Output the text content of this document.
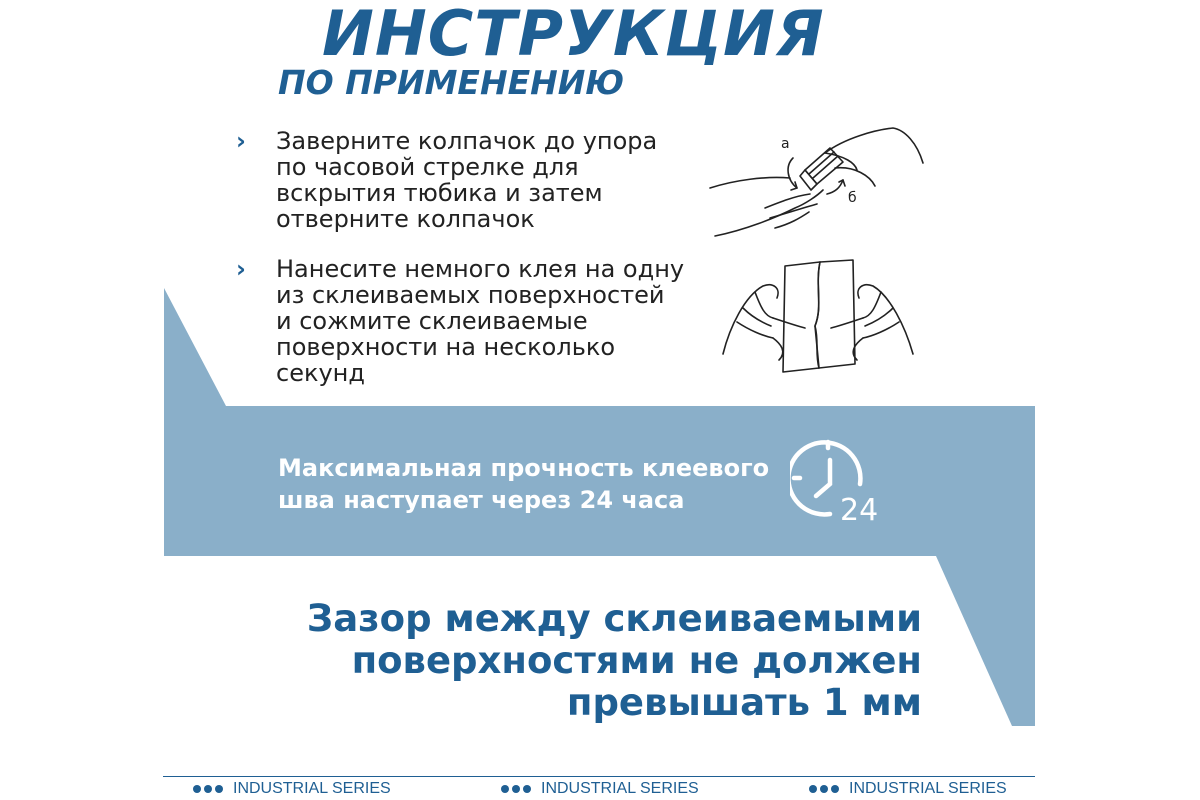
ИНСТРУКЦИЯ
ПО ПРИМЕНЕНИЮ
› Заверните колпачок до упора
по часовой стрелке для
вскрытия тюбика и затем
отверните колпачок

а
б
› Нанесите немного клея на одну
из склеиваемых поверхностей
и сожмите склеиваемые
поверхности на несколько
секунд

Максимальная прочность клеевого
шва наступает через 24 часа	24

Зазор между склеиваемыми
поверхностями не должен
превышать 1 мм

INDUSTRIAL SERIES	INDUSTRIAL SERIES	INDUSTRIAL SERIES
